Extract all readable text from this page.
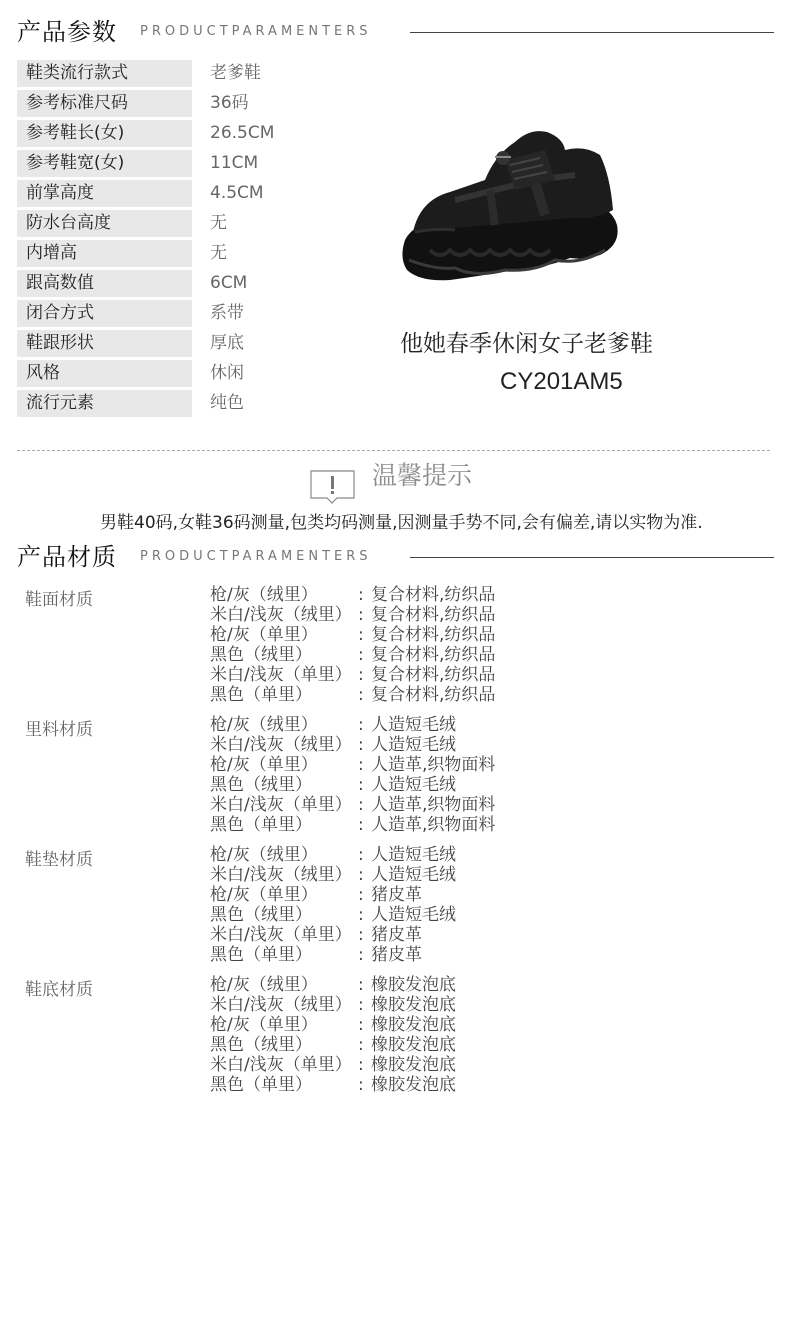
产品参数 PRODUCTPARAMENTERS
鞋类流行款式	老爹鞋
参考标准尺码	36码
参考鞋长(女)	26.5CM
参考鞋宽(女)	11CM
前掌高度	4.5CM
防水台高度	无
内增高	无
跟高数值	6CM
闭合方式	系带
鞋跟形状	厚底
风格	休闲
流行元素	纯色
他她春季休闲女子老爹鞋
CY201AM5
温馨提示
男鞋40码,女鞋36码测量,包类均码测量,因测量手势不同,会有偏差,请以实物为准.
产品材质 PRODUCTPARAMENTERS
鞋面材质	枪/灰（绒里） : 复合材料,纺织品
米白/浅灰（绒里） : 复合材料,纺织品
枪/灰（单里） : 复合材料,纺织品
黑色（绒里）	: 复合材料,纺织品
米白/浅灰（单里） : 复合材料,纺织品
黑色（单里）	: 复合材料,纺织品
里料材质	枪/灰（绒里） : 人造短毛绒
米白/浅灰（绒里） : 人造短毛绒
枪/灰（单里） : 人造革,织物面料
黑色（绒里）	: 人造短毛绒
米白/浅灰（单里） : 人造革,织物面料
黑色（单里）	: 人造革,织物面料
鞋垫材质	枪/灰（绒里） : 人造短毛绒
米白/浅灰（绒里） : 人造短毛绒
枪/灰（单里） : 猪皮革
黑色（绒里）	: 人造短毛绒
米白/浅灰（单里） : 猪皮革
黑色（单里）	: 猪皮革
鞋底材质	枪/灰（绒里） : 橡胶发泡底
米白/浅灰（绒里） : 橡胶发泡底
枪/灰（单里） : 橡胶发泡底
黑色（绒里）	: 橡胶发泡底
米白/浅灰（单里） : 橡胶发泡底
黑色（单里）	: 橡胶发泡底
